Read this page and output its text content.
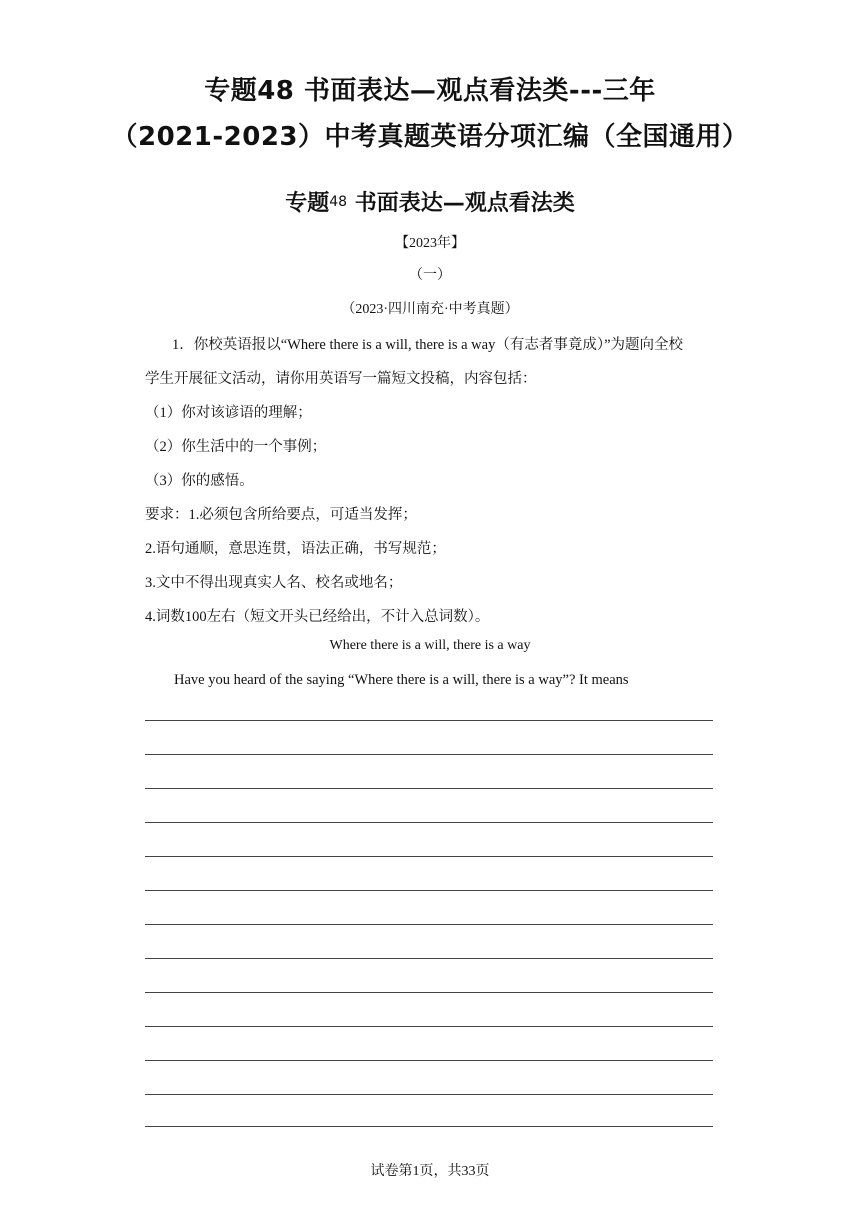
专题48 书面表达—观点看法类---三年
（2021-2023）中考真题英语分项汇编（全国通用）
专题48 书面表达—观点看法类
【2023年】
（一）
（2023·四川南充·中考真题）
1．你校英语报以“Where there is a will, there is a way（有志者事竟成）”为题向全校
学生开展征文活动，请你用英语写一篇短文投稿，内容包括：
（1）你对该谚语的理解；
（2）你生活中的一个事例；
（3）你的感悟。
要求：1.必须包含所给要点，可适当发挥；
2.语句通顺，意思连贯，语法正确，书写规范；
3.文中不得出现真实人名、校名或地名；
4.词数100左右（短文开头已经给出，不计入总词数）。
Where there is a will, there is a way
Have you heard of the saying “Where there is a will, there is a way”? It means
试卷第1页，共33页
